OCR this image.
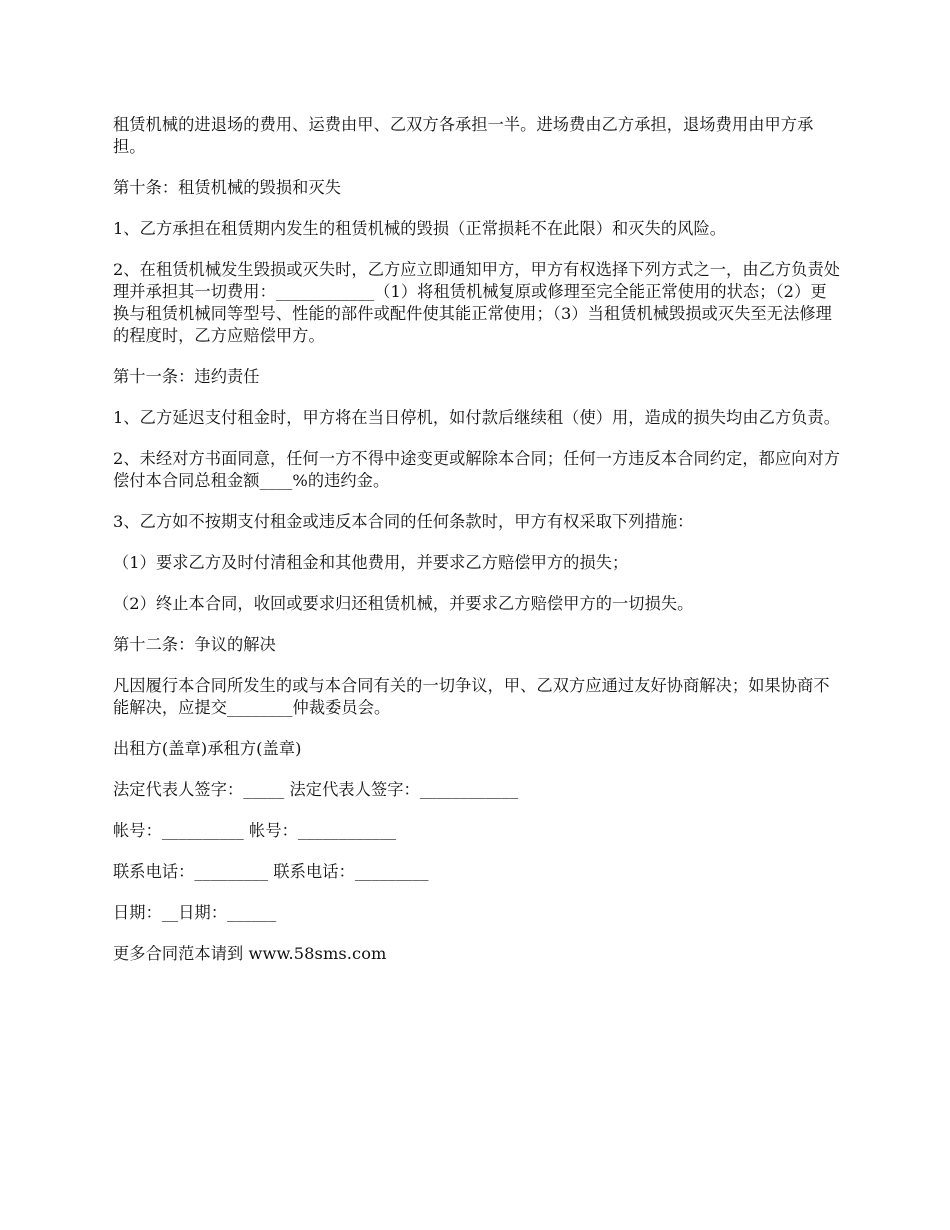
租赁机械的进退场的费用、运费由甲、乙双方各承担一半。进场费由乙方承担，退场费用由甲方承担。

第十条：租赁机械的毁损和灭失

1、乙方承担在租赁期内发生的租赁机械的毁损（正常损耗不在此限）和灭失的风险。

2、在租赁机械发生毁损或灭失时，乙方应立即通知甲方，甲方有权选择下列方式之一，由乙方负责处理并承担其一切费用：____________（1）将租赁机械复原或修理至完全能正常使用的状态；（2）更换与租赁机械同等型号、性能的部件或配件使其能正常使用；（3）当租赁机械毁损或灭失至无法修理的程度时，乙方应赔偿甲方。

第十一条：违约责任

1、乙方延迟支付租金时，甲方将在当日停机，如付款后继续租（使）用，造成的损失均由乙方负责。

2、未经对方书面同意，任何一方不得中途变更或解除本合同；任何一方违反本合同约定，都应向对方偿付本合同总租金额____%的违约金。

3、乙方如不按期支付租金或违反本合同的任何条款时，甲方有权采取下列措施：

（1）要求乙方及时付清租金和其他费用，并要求乙方赔偿甲方的损失；

（2）终止本合同，收回或要求归还租赁机械，并要求乙方赔偿甲方的一切损失。

第十二条：争议的解决

凡因履行本合同所发生的或与本合同有关的一切争议，甲、乙双方应通过友好协商解决；如果协商不能解决，应提交________仲裁委员会。

出租方(盖章)承租方(盖章)

法定代表人签字：_____ 法定代表人签字：____________

帐号：__________ 帐号：____________

联系电话：_________ 联系电话：_________

日期：__日期：______

更多合同范本请到 www.58sms.com
